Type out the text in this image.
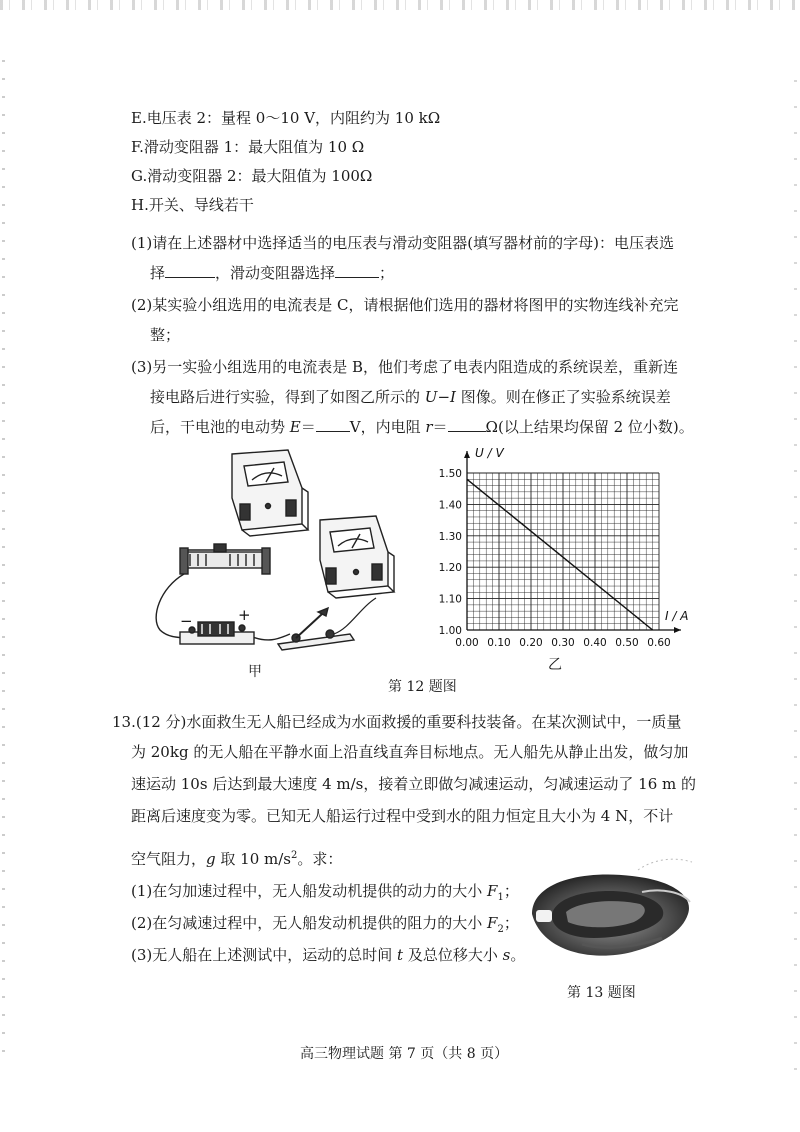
E.电压表 2：量程 0～10 V，内阻约为 10 kΩ
F.滑动变阻器 1：最大阻值为 10 Ω
G.滑动变阻器 2：最大阻值为 100Ω
H.开关、导线若干
(1)请在上述器材中选择适当的电压表与滑动变阻器(填写器材前的字母)：电压表选
择	，滑动变阻器选择	；
(2)某实验小组选用的电流表是 C，请根据他们选用的器材将图甲的实物连线补充完
整；
(3)另一实验小组选用的电流表是 B，他们考虑了电表内阻造成的系统误差，重新连
接电路后进行实验，得到了如图乙所示的 U−I 图像。则在修正了实验系统误差
后，干电池的电动势 E＝ V，内电阻 r＝	Ω(以上结果均保留 2 位小数)。
−	+
甲
U / V
I / A
0.00 0.10 0.20 0.30 0.40 0.50 0.60
1.00
1.10
1.20
1.30
1.40
1.50
乙
第 12 题图
13.(12 分)水面救生无人船已经成为水面救援的重要科技装备。在某次测试中，一质量
为 20kg 的无人船在平静水面上沿直线直奔目标地点。无人船先从静止出发，做匀加
速运动 10s 后达到最大速度 4 m/s，接着立即做匀减速运动，匀减速运动了 16 m 的
距离后速度变为零。已知无人船运行过程中受到水的阻力恒定且大小为 4 N，不计
空气阻力，g 取 10 $m/s^2$。求：
(1)在匀加速过程中，无人船发动机提供的动力的大小 $F_1$；
(2)在匀减速过程中，无人船发动机提供的阻力的大小 $F_2$；
(3)无人船在上述测试中，运动的总时间 t 及总位移大小 s。
第 13 题图
高三物理试题 第 7 页（共 8 页）
